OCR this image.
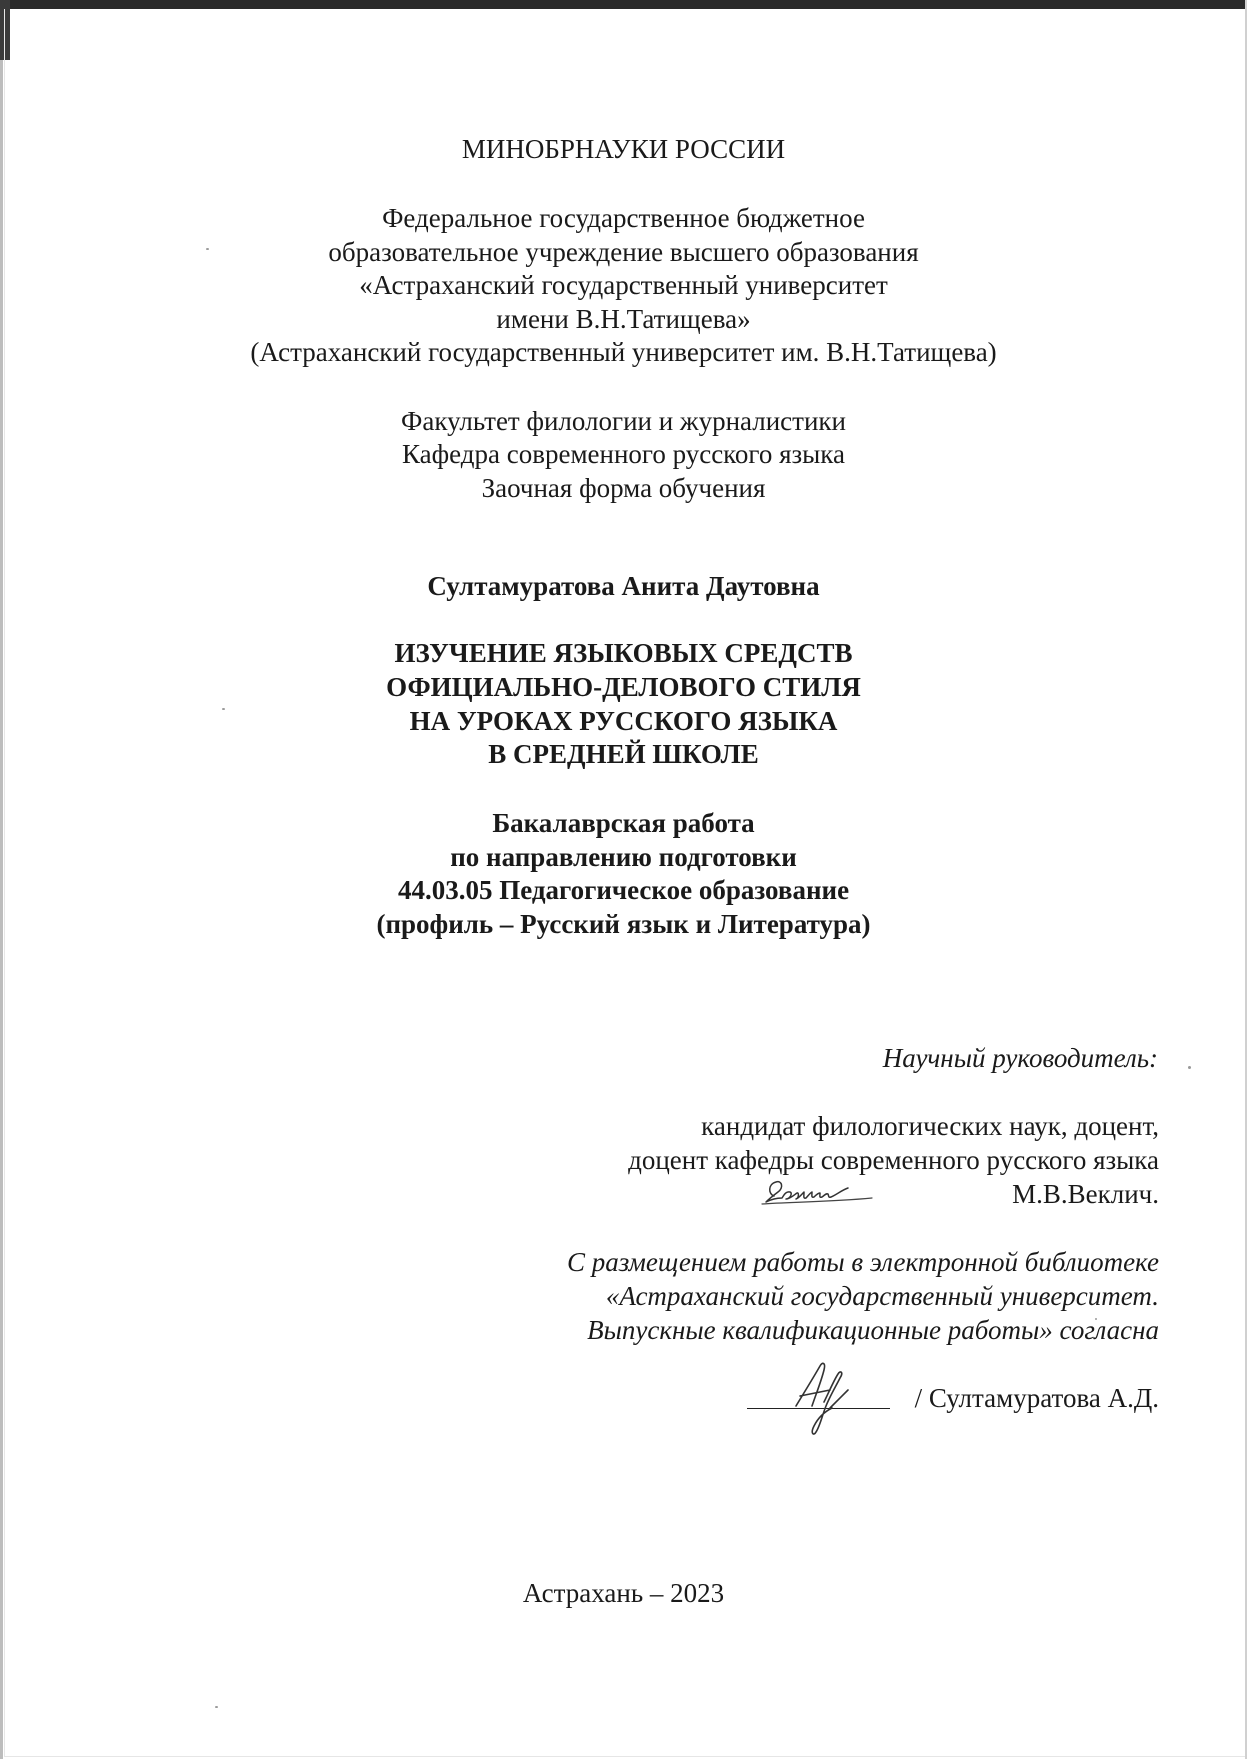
МИНОБРНАУКИ РОССИИ
Федеральное государственное бюджетное
образовательное учреждение высшего образования
«Астраханский государственный университет
имени В.Н.Татищева»
(Астраханский государственный университет им. В.Н.Татищева)
Факультет филологии и журналистики
Кафедра современного русского языка
Заочная форма обучения
Султамуратова Анита Даутовна
ИЗУЧЕНИЕ ЯЗЫКОВЫХ СРЕДСТВ
ОФИЦИАЛЬНО-ДЕЛОВОГО СТИЛЯ
НА УРОКАХ РУССКОГО ЯЗЫКА
В СРЕДНЕЙ ШКОЛЕ
Бакалаврская работа
по направлению подготовки
44.03.05 Педагогическое образование
(профиль – Русский язык и Литература)
Научный руководитель:
кандидат филологических наук, доцент,
доцент кафедры современного русского языка
М.В.Веклич.
С размещением работы в электронной библиотеке
«Астраханский государственный университет.
Выпускные квалификационные работы» согласна
/ Султамуратова А.Д.
Астрахань – 2023
